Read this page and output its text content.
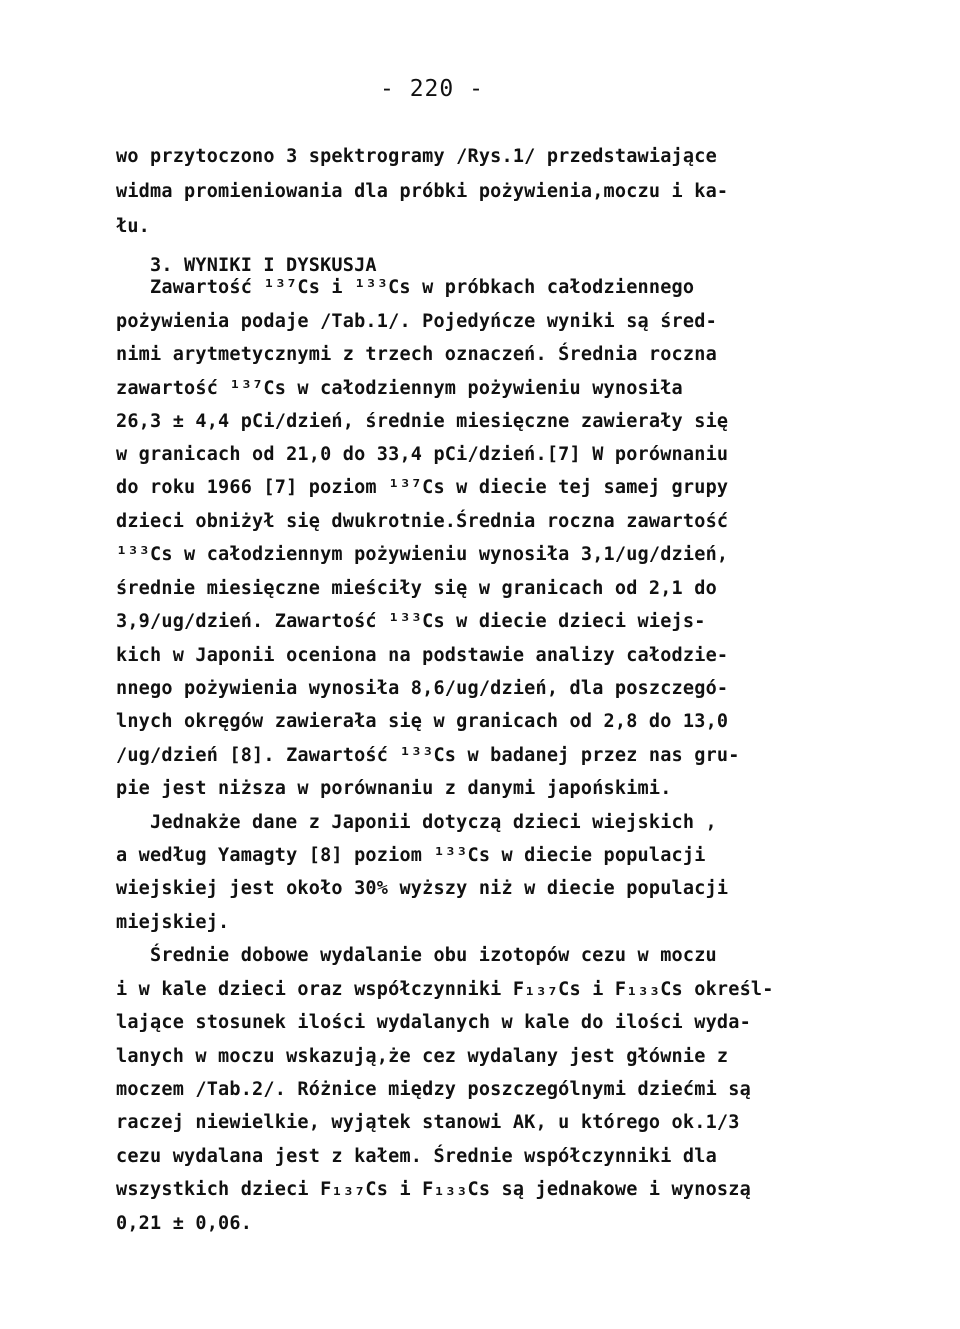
- 220 -
wo przytoczono 3 spektrogramy /Rys.1/ przedstawiające
widma promieniowania dla próbki pożywienia,moczu i ka-
łu.
3. WYNIKI I DYSKUSJA
Zawartość ¹³⁷Cs i ¹³³Cs w próbkach całodziennego
pożywienia podaje /Tab.1/. Pojedyńcze wyniki są śred-
nimi arytmetycznymi z trzech oznaczeń. Średnia roczna
zawartość ¹³⁷Cs w całodziennym pożywieniu wynosiła
26,3 ± 4,4 pCi/dzień, średnie miesięczne zawierały się
w granicach od 21,0 do 33,4 pCi/dzień.[7] W porównaniu
do roku 1966 [7] poziom ¹³⁷Cs w diecie tej samej grupy
dzieci obniżył się dwukrotnie.Średnia roczna zawartość
¹³³Cs w całodziennym pożywieniu wynosiła 3,1/ug/dzień,
średnie miesięczne mieściły się w granicach od 2,1 do
3,9/ug/dzień. Zawartość ¹³³Cs w diecie dzieci wiejs-
kich w Japonii oceniona na podstawie analizy całodzie-
nnego pożywienia wynosiła 8,6/ug/dzień, dla poszczegó-
lnych okręgów zawierała się w granicach od 2,8 do 13,0
/ug/dzień [8]. Zawartość ¹³³Cs w badanej przez nas gru-
pie jest niższa w porównaniu z danymi japońskimi.
Jednakże dane z Japonii dotyczą dzieci wiejskich ,
a według Yamagty [8] poziom ¹³³Cs w diecie populacji
wiejskiej jest około 30% wyższy niż w diecie populacji
miejskiej.
Średnie dobowe wydalanie obu izotopów cezu w moczu
i w kale dzieci oraz współczynniki F₁₃₇Cs i F₁₃₃Cs określ-
lające stosunek ilości wydalanych w kale do ilości wyda-
lanych w moczu wskazują,że cez wydalany jest głównie z
moczem /Tab.2/. Różnice między poszczególnymi dziećmi są
raczej niewielkie, wyjątek stanowi AK, u którego ok.1/3
cezu wydalana jest z kałem. Średnie współczynniki dla
wszystkich dzieci F₁₃₇Cs i F₁₃₃Cs są jednakowe i wynoszą
0,21 ± 0,06.
